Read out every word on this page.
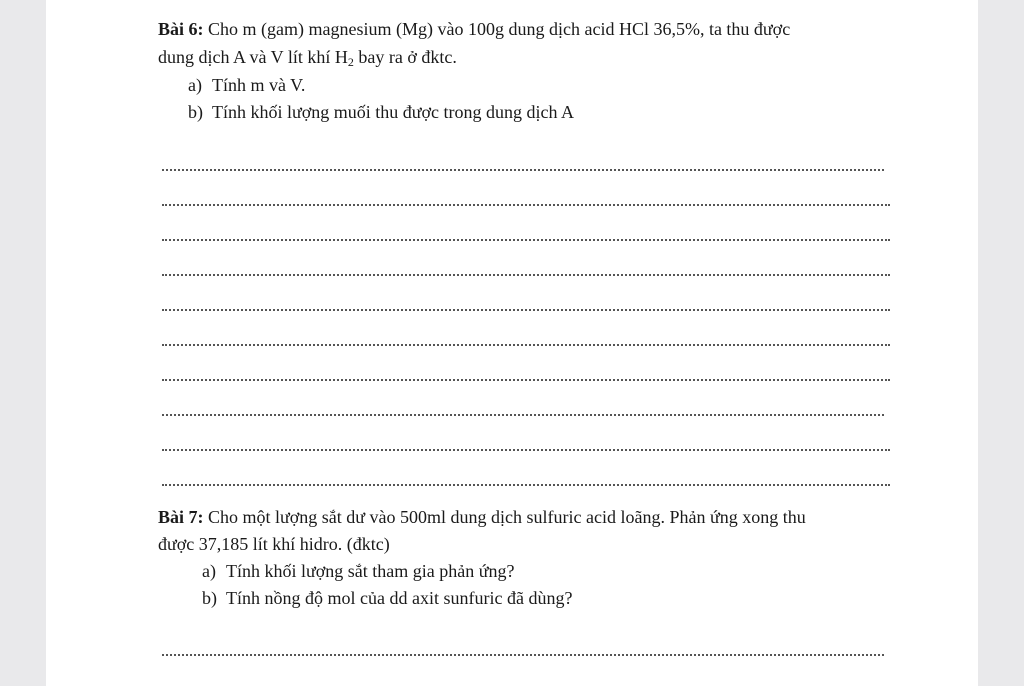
Bài 6: Cho m (gam) magnesium (Mg) vào 100g dung dịch acid HCl 36,5%, ta thu được
dung dịch A và V lít khí $H_2$ bay ra ở đktc.
a) Tính m và V.
b) Tính khối lượng muối thu được trong dung dịch A
Bài 7: Cho một lượng sắt dư vào 500ml dung dịch sulfuric acid loãng. Phản ứng xong thu
được 37,185 lít khí hidro. (đktc)
a) Tính khối lượng sắt tham gia phản ứng?
b) Tính nồng độ mol của dd axit sunfuric đã dùng?
